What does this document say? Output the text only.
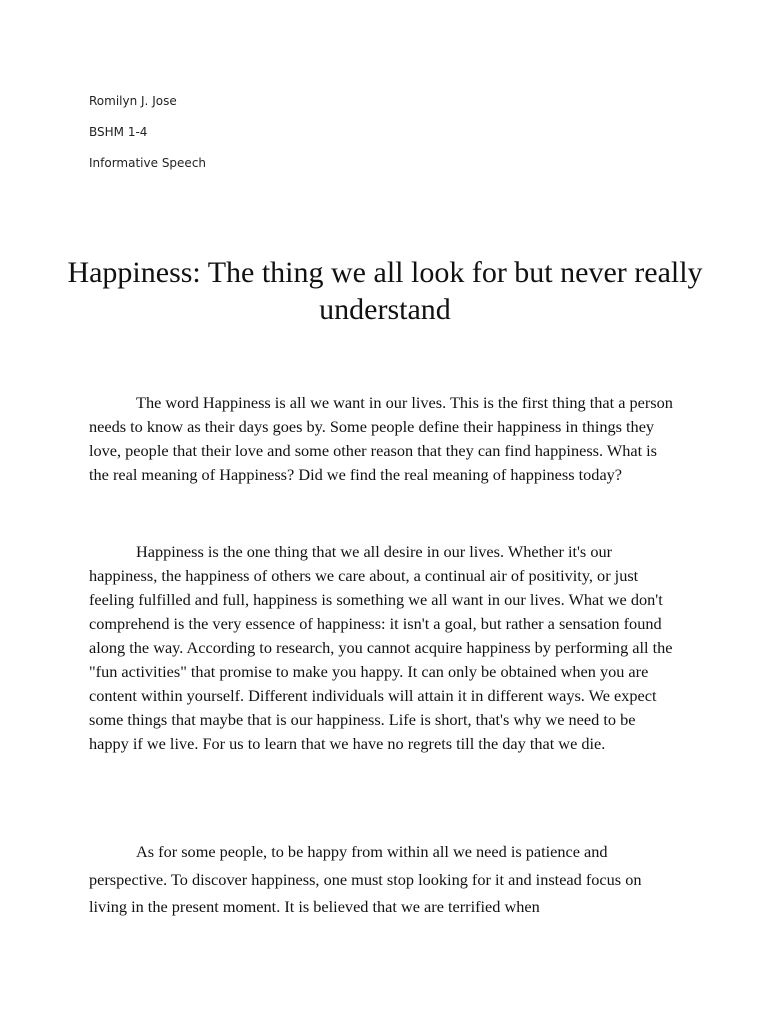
Romilyn J. Jose
BSHM 1-4
Informative Speech
Happiness: The thing we all look for but never really understand

The word Happiness is all we want in our lives. This is the first thing that a person needs to know as their days goes by. Some people define their happiness in things they love, people that their love and some other reason that they can find happiness. What is the real meaning of Happiness? Did we find the real meaning of happiness today?

Happiness is the one thing that we all desire in our lives. Whether it's our happiness, the happiness of others we care about, a continual air of positivity, or just feeling fulfilled and full, happiness is something we all want in our lives. What we don't comprehend is the very essence of happiness: it isn't a goal, but rather a sensation found along the way. According to research, you cannot acquire happiness by performing all the "fun activities" that promise to make you happy. It can only be obtained when you are content within yourself. Different individuals will attain it in different ways. We expect some things that maybe that is our happiness. Life is short, that's why we need to be happy if we live. For us to learn that we have no regrets till the day that we die.

As for some people, to be happy from within all we need is patience and perspective. To discover happiness, one must stop looking for it and instead focus on living in the present moment. It is believed that we are terrified when
